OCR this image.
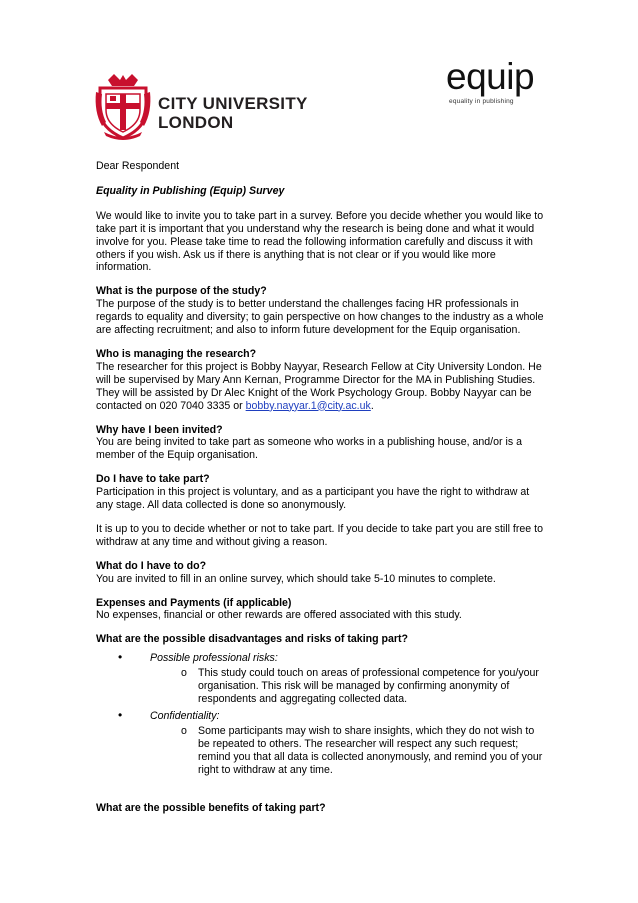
CITY UNIVERSITY
LONDON
equip
equality in publishing

Dear Respondent

Equality in Publishing (Equip) Survey

We would like to invite you to take part in a survey. Before you decide whether you would like to take part it is important that you understand why the research is being done and what it would involve for you. Please take time to read the following information carefully and discuss it with others if you wish. Ask us if there is anything that is not clear or if you would like more information.

What is the purpose of the study?
The purpose of the study is to better understand the challenges facing HR professionals in regards to equality and diversity; to gain perspective on how changes to the industry as a whole are affecting recruitment; and also to inform future development for the Equip organisation.

Who is managing the research?
The researcher for this project is Bobby Nayyar, Research Fellow at City University London. He will be supervised by Mary Ann Kernan, Programme Director for the MA in Publishing Studies. They will be assisted by Dr Alec Knight of the Work Psychology Group. Bobby Nayyar can be contacted on 020 7040 3335 or bobby.nayyar.1@city.ac.uk.

Why have I been invited?
You are being invited to take part as someone who works in a publishing house, and/or is a member of the Equip organisation.

Do I have to take part?
Participation in this project is voluntary, and as a participant you have the right to withdraw at any stage. All data collected is done so anonymously.

It is up to you to decide whether or not to take part. If you decide to take part you are still free to withdraw at any time and without giving a reason.

What do I have to do?
You are invited to fill in an online survey, which should take 5-10 minutes to complete.

Expenses and Payments (if applicable)
No expenses, financial or other rewards are offered associated with this study.

What are the possible disadvantages and risks of taking part?

•	Possible professional risks:
o This study could touch on areas of professional competence for you/your organisation. This risk will be managed by confirming anonymity of respondents and aggregating collected data.
•	Confidentiality:
o Some participants may wish to share insights, which they do not wish to be repeated to others. The researcher will respect any such request; remind you that all data is collected anonymously, and remind you of your right to withdraw at any time.

What are the possible benefits of taking part?
